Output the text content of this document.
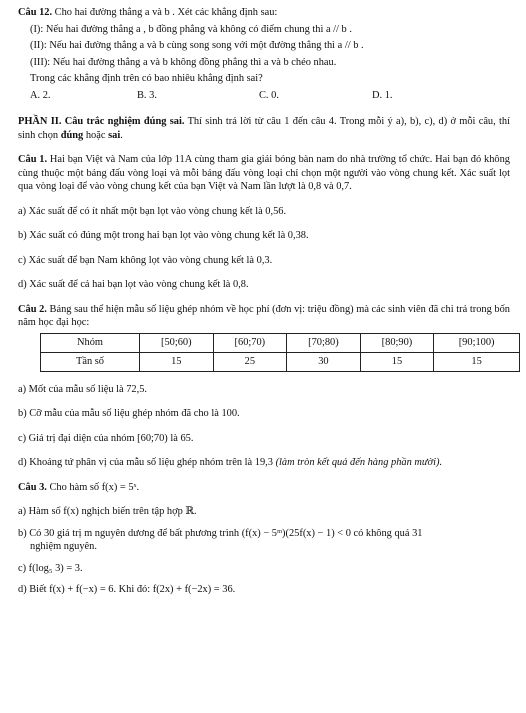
Câu 12. Cho hai đường thẳng a và b . Xét các khẳng định sau:
(I): Nếu hai đường thẳng a , b đồng phẳng và không có điểm chung thì a // b .
(II): Nếu hai đường thẳng a và b cùng song song với một đường thẳng thì a // b .
(III): Nếu hai đường thẳng a và b không đồng phẳng thì a và b chéo nhau.
Trong các khẳng định trên có bao nhiêu khẳng định sai?
A. 2.	B. 3.	C. 0.	D. 1.

PHẦN II. Câu trắc nghiệm đúng sai. Thí sinh trả lời từ câu 1 đến câu 4. Trong mỗi ý a), b), c), d) ở mỗi câu, thí sinh chọn đúng hoặc sai.

Câu 1. Hai bạn Việt và Nam của lớp 11A cùng tham gia giải bóng bàn nam do nhà trường tổ chức. Hai bạn đó không cùng thuộc một bảng đấu vòng loại và mỗi bảng đấu vòng loại chỉ chọn một người vào vòng chung kết. Xác suất lọt qua vòng loại để vào vòng chung kết của bạn Việt và Nam lần lượt là 0,8 và 0,7.

a) Xác suất để có ít nhất một bạn lọt vào vòng chung kết là 0,56.
b) Xác suất có đúng một trong hai bạn lọt vào vòng chung kết là 0,38.
c) Xác suất để bạn Nam không lọt vào vòng chung kết là 0,3.
d) Xác suất để cả hai bạn lọt vào vòng chung kết là 0,8.

Câu 2. Bảng sau thể hiện mẫu số liệu ghép nhóm về học phí (đơn vị: triệu đồng) mà các sinh viên đã chi trả trong bốn năm học đại học:

Nhóm	[50;60)	[60;70)	[70;80)	[80;90)	[90;100)
Tần số	15	25	30	15	15
a) Mốt của mẫu số liệu là 72,5.
b) Cỡ mẫu của mẫu số liệu ghép nhóm đã cho là 100.
c) Giá trị đại diện của nhóm [60;70) là 65.
d) Khoảng tứ phân vị của mẫu số liệu ghép nhóm trên là 19,3 (làm tròn kết quả đến hàng phần mười).
Câu 3. Cho hàm số f(x) = 5ˣ.
a) Hàm số f(x) nghịch biến trên tập hợp ℝ.
b) Có 30 giá trị m nguyên dương để bất phương trình (f(x) − 5ᵐ)(25f(x) − 1) < 0 có không quá 31
nghiệm nguyên.
c) f(log₅ 3) = 3.
d) Biết f(x) + f(−x) = 6. Khi đó: f(2x) + f(−2x) = 36.
